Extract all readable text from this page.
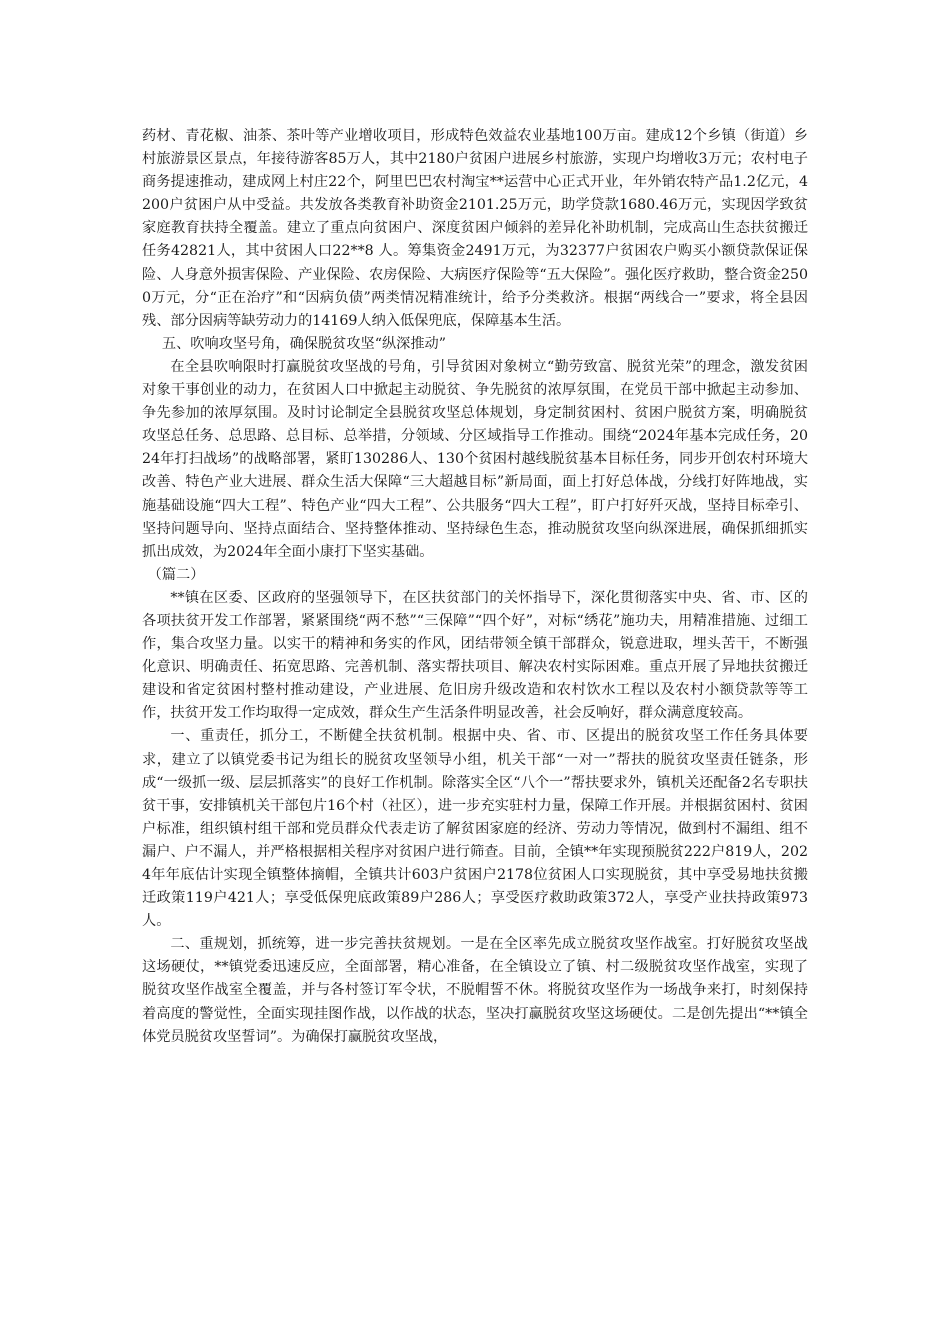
药材、青花椒、油茶、茶叶等产业增收项目，形成特色效益农业基地100万亩。建成12个乡镇（街道）乡村旅游景区景点，年接待游客85万人，其中2180户贫困户进展乡村旅游，实现户均增收3万元；农村电子商务提速推动，建成网上村庄22个，阿里巴巴农村淘宝**运营中心正式开业，年外销农特产品1.2亿元，4200户贫困户从中受益。共发放各类教育补助资金2101.25万元，助学贷款1680.46万元，实现因学致贫家庭教育扶持全覆盖。建立了重点向贫困户、深度贫困户倾斜的差异化补助机制，完成高山生态扶贫搬迁任务42821人，其中贫困人口22**8 人。筹集资金2491万元，为32377户贫困农户购买小额贷款保证保险、人身意外损害保险、产业保险、农房保险、大病医疗保险等“五大保险”。强化医疗救助，整合资金2500万元，分“正在治疗”和“因病负债”两类情况精准统计，给予分类救济。根据“两线合一”要求，将全县因残、部分因病等缺劳动力的14169人纳入低保兜底，保障基本生活。

五、吹响攻坚号角，确保脱贫攻坚“纵深推动”

在全县吹响限时打赢脱贫攻坚战的号角，引导贫困对象树立“勤劳致富、脱贫光荣”的理念，激发贫困对象干事创业的动力，在贫困人口中掀起主动脱贫、争先脱贫的浓厚氛围，在党员干部中掀起主动参加、争先参加的浓厚氛围。及时讨论制定全县脱贫攻坚总体规划，身定制贫困村、贫困户脱贫方案，明确脱贫攻坚总任务、总思路、总目标、总举措，分领域、分区域指导工作推动。围绕“2024年基本完成任务，2024年打扫战场”的战略部署，紧盯130286人、130个贫困村越线脱贫基本目标任务，同步开创农村环境大改善、特色产业大进展、群众生活大保障“三大超越目标”新局面，面上打好总体战，分线打好阵地战，实施基础设施“四大工程”、特色产业“四大工程”、公共服务“四大工程”，盯户打好歼灭战，坚持目标牵引、坚持问题导向、坚持点面结合、坚持整体推动、坚持绿色生态，推动脱贫攻坚向纵深进展，确保抓细抓实抓出成效，为2024年全面小康打下坚实基础。

（篇二）

**镇在区委、区政府的坚强领导下，在区扶贫部门的关怀指导下，深化贯彻落实中央、省、市、区的各项扶贫开发工作部署，紧紧围绕“两不愁”“三保障”“四个好”，对标“绣花”施功夫，用精准措施、过细工作，集合攻坚力量。以实干的精神和务实的作风，团结带领全镇干部群众，锐意进取，埋头苦干，不断强化意识、明确责任、拓宽思路、完善机制、落实帮扶项目、解决农村实际困难。重点开展了异地扶贫搬迁建设和省定贫困村整村推动建设，产业进展、危旧房升级改造和农村饮水工程以及农村小额贷款等等工作，扶贫开发工作均取得一定成效，群众生产生活条件明显改善，社会反响好，群众满意度较高。

一、重责任，抓分工，不断健全扶贫机制。根据中央、省、市、区提出的脱贫攻坚工作任务具体要求，建立了以镇党委书记为组长的脱贫攻坚领导小组，机关干部“一对一”帮扶的脱贫攻坚责任链条，形成“一级抓一级、层层抓落实”的良好工作机制。除落实全区“八个一”帮扶要求外，镇机关还配备2名专职扶贫干事，安排镇机关干部包片16个村（社区），进一步充实驻村力量，保障工作开展。并根据贫困村、贫困户标准，组织镇村组干部和党员群众代表走访了解贫困家庭的经济、劳动力等情况，做到村不漏组、组不漏户、户不漏人，并严格根据相关程序对贫困户进行筛查。目前，全镇**年实现预脱贫222户819人，2024年年底估计实现全镇整体摘帽，全镇共计603户贫困户2178位贫困人口实现脱贫，其中享受易地扶贫搬迁政策119户421人；享受低保兜底政策89户286人；享受医疗救助政策372人，享受产业扶持政策973人。

二、重规划，抓统筹，进一步完善扶贫规划。一是在全区率先成立脱贫攻坚作战室。打好脱贫攻坚战这场硬仗，**镇党委迅速反应，全面部署，精心准备，在全镇设立了镇、村二级脱贫攻坚作战室，实现了脱贫攻坚作战室全覆盖，并与各村签订军令状，不脱帽誓不休。将脱贫攻坚作为一场战争来打，时刻保持着高度的警觉性，全面实现挂图作战，以作战的状态，坚决打赢脱贫攻坚这场硬仗。二是创先提出“**镇全体党员脱贫攻坚誓词”。为确保打赢脱贫攻坚战，
